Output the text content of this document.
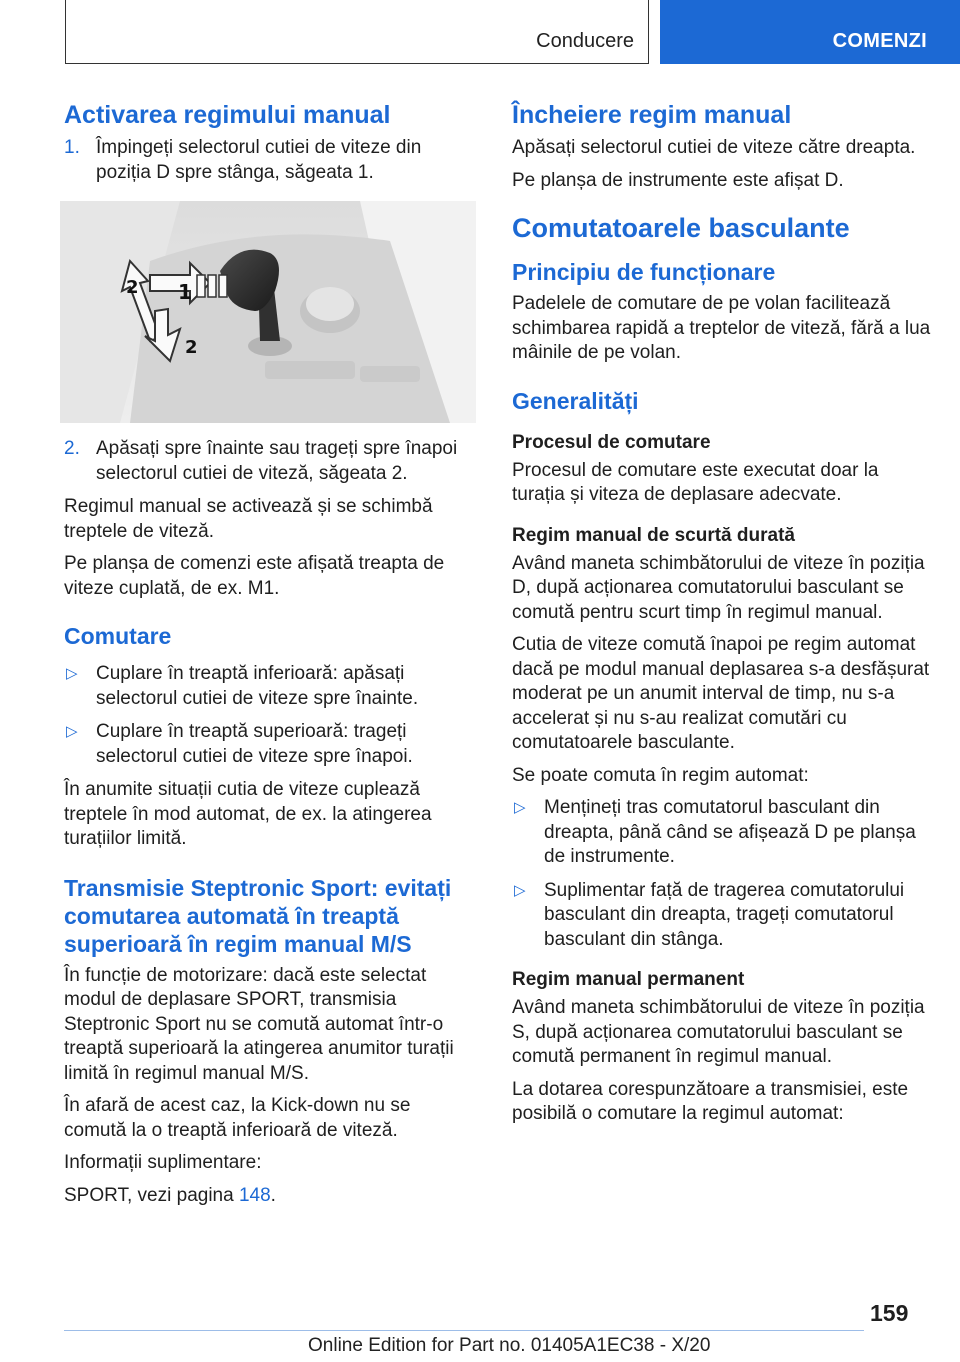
Conducere	COMENZI
Activarea regimului manual
1. Împingeți selectorul cutiei de viteze din poziția D spre stânga, săgeata 1.
1
2
2
2. Apăsați spre înainte sau trageți spre înapoi selectorul cutiei de viteză, săgeata 2.

Regimul manual se activează și se schimbă treptele de viteză.

Pe planșa de comenzi este afișată treapta de viteze cuplată, de ex. M1.

Comutare
▷ Cuplare în treaptă inferioară: apăsați selectorul cutiei de viteze spre înainte.
▷ Cuplare în treaptă superioară: trageți selectorul cutiei de viteze spre înapoi.

În anumite situații cutia de viteze cuplează treptele în mod automat, de ex. la atingerea turațiilor limită.

Transmisie Steptronic Sport: evitați comutarea automată în treaptă superioară în regim manual M/S

În funcție de motorizare: dacă este selectat modul de deplasare SPORT, transmisia Steptronic Sport nu se comută automat într-o treaptă superioară la atingerea anumitor turații limită în regimul manual M/S.

În afară de acest caz, la Kick-down nu se comută la o treaptă inferioară de viteză.

Informații suplimentare:

SPORT, vezi pagina 148.

Încheiere regim manual

Apăsați selectorul cutiei de viteze către dreapta.

Pe planșa de instrumente este afișat D.

Comutatoarele basculante
Principiu de funcționare

Padelele de comutare de pe volan facilitează schimbarea rapidă a treptelor de viteză, fără a lua mâinile de pe volan.

Generalități
Procesul de comutare

Procesul de comutare este executat doar la turația și viteza de deplasare adecvate.

Regim manual de scurtă durată

Având maneta schimbătorului de viteze în poziția D, după acționarea comutatorului basculant se comută pentru scurt timp în regimul manual.

Cutia de viteze comută înapoi pe regim automat dacă pe modul manual deplasarea s-a desfășurat moderat pe un anumit interval de timp, nu s-a accelerat și nu s-au realizat comutări cu comutatoarele basculante.

Se poate comuta în regim automat:

▷ Mențineți tras comutatorul basculant din dreapta, până când se afișează D pe planșa de instrumente.
▷ Suplimentar față de tragerea comutatorului basculant din dreapta, trageți comutatorul basculant din stânga.
Regim manual permanent

Având maneta schimbătorului de viteze în poziția S, după acționarea comutatorului basculant se comută permanent în regimul manual.

La dotarea corespunzătoare a transmisiei, este posibilă o comutare la regimul automat:

159
Online Edition for Part no. 01405A1EC38 - X/20
